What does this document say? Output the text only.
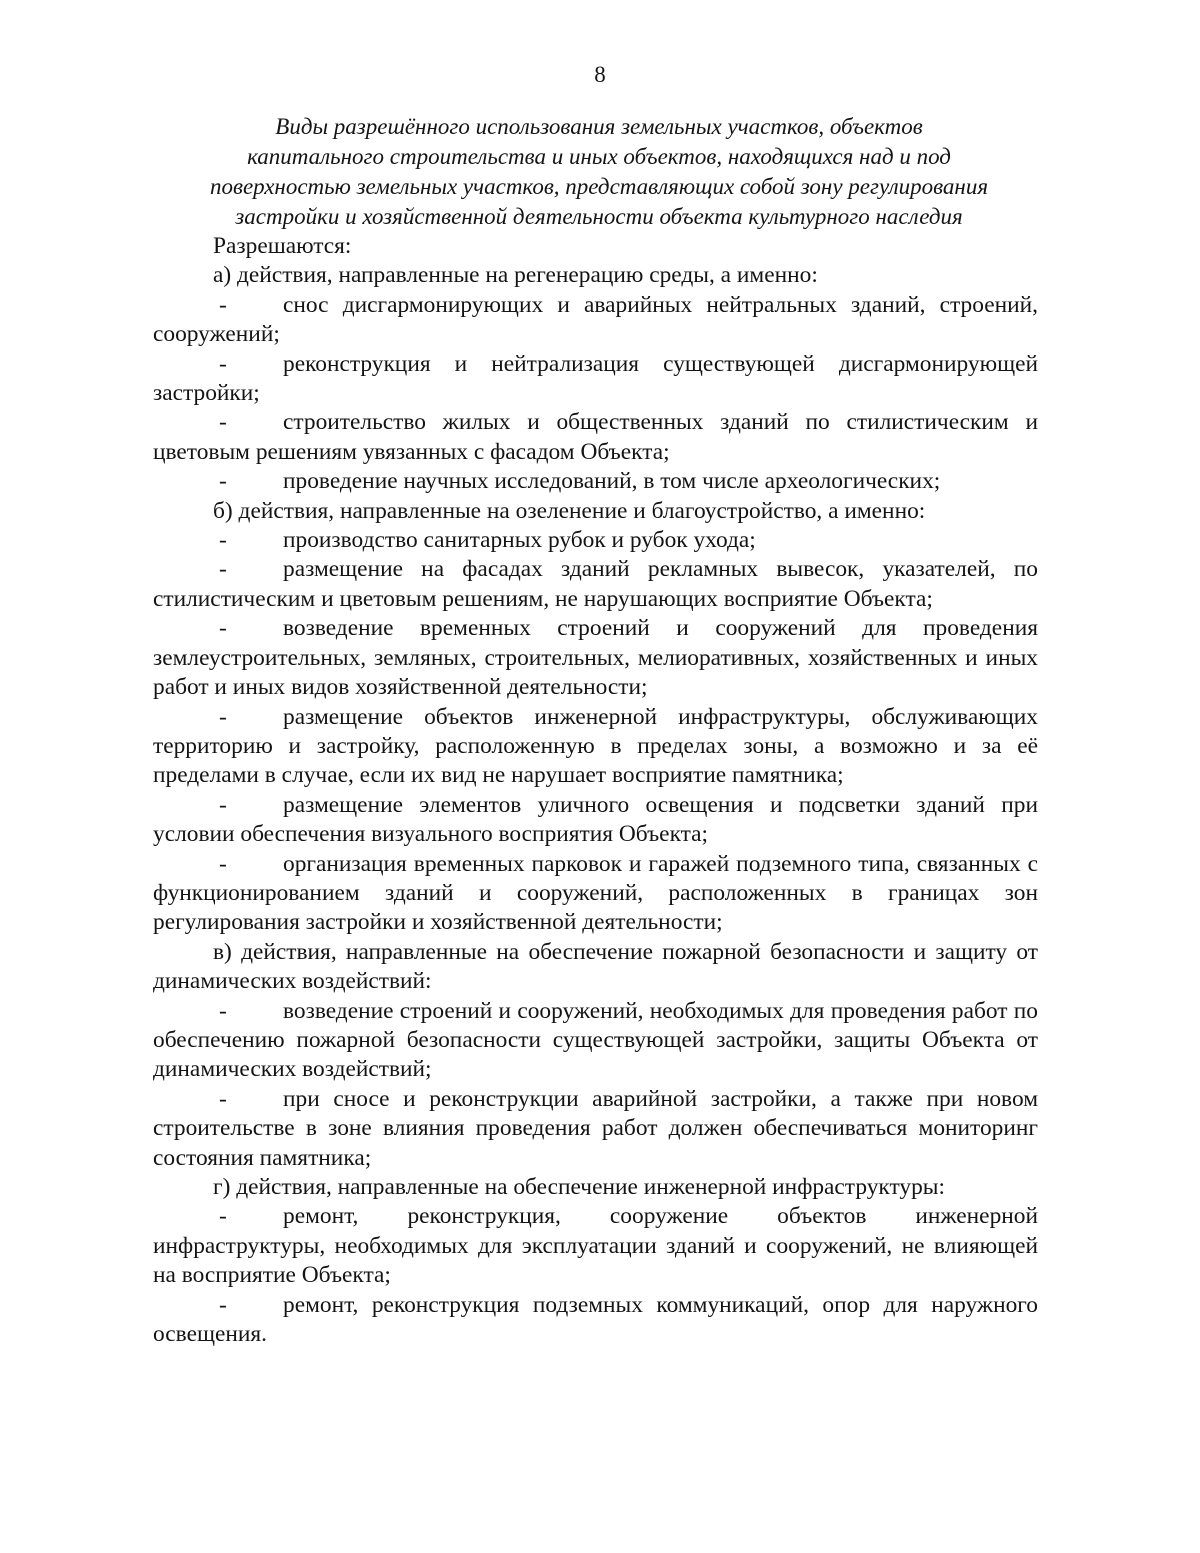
8
Виды разрешённого использования земельных участков, объектов
капитального строительства и иных объектов, находящихся над и под
поверхностью земельных участков, представляющих собой зону регулирования
застройки и хозяйственной деятельности объекта культурного наследия
Разрешаются:
а) действия, направленные на регенерацию среды, а именно:
- снос дисгармонирующих и аварийных нейтральных зданий, строений, сооружений;
- реконструкция и нейтрализация существующей дисгармонирующей застройки;
- строительство жилых и общественных зданий по стилистическим и цветовым решениям увязанных с фасадом Объекта;
- проведение научных исследований, в том числе археологических;
б) действия, направленные на озеленение и благоустройство, а именно:
- производство санитарных рубок и рубок ухода;
- размещение на фасадах зданий рекламных вывесок, указателей, по стилистическим и цветовым решениям, не нарушающих восприятие Объекта;
- возведение временных строений и сооружений для проведения землеустроительных, земляных, строительных, мелиоративных, хозяйственных и иных работ и иных видов хозяйственной деятельности;
- размещение объектов инженерной инфраструктуры, обслуживающих территорию и застройку, расположенную в пределах зоны, а возможно и за её пределами в случае, если их вид не нарушает восприятие памятника;
- размещение элементов уличного освещения и подсветки зданий при условии обеспечения визуального восприятия Объекта;
- организация временных парковок и гаражей подземного типа, связанных с функционированием зданий и сооружений, расположенных в границах зон регулирования застройки и хозяйственной деятельности;
в) действия, направленные на обеспечение пожарной безопасности и защиту от динамических воздействий:
- возведение строений и сооружений, необходимых для проведения работ по обеспечению пожарной безопасности существующей застройки, защиты Объекта от динамических воздействий;
- при сносе и реконструкции аварийной застройки, а также при новом строительстве в зоне влияния проведения работ должен обеспечиваться мониторинг состояния памятника;
г) действия, направленные на обеспечение инженерной инфраструктуры:
- ремонт, реконструкция, сооружение объектов инженерной инфраструктуры, необходимых для эксплуатации зданий и сооружений, не влияющей на восприятие Объекта;
- ремонт, реконструкция подземных коммуникаций, опор для наружного освещения.
